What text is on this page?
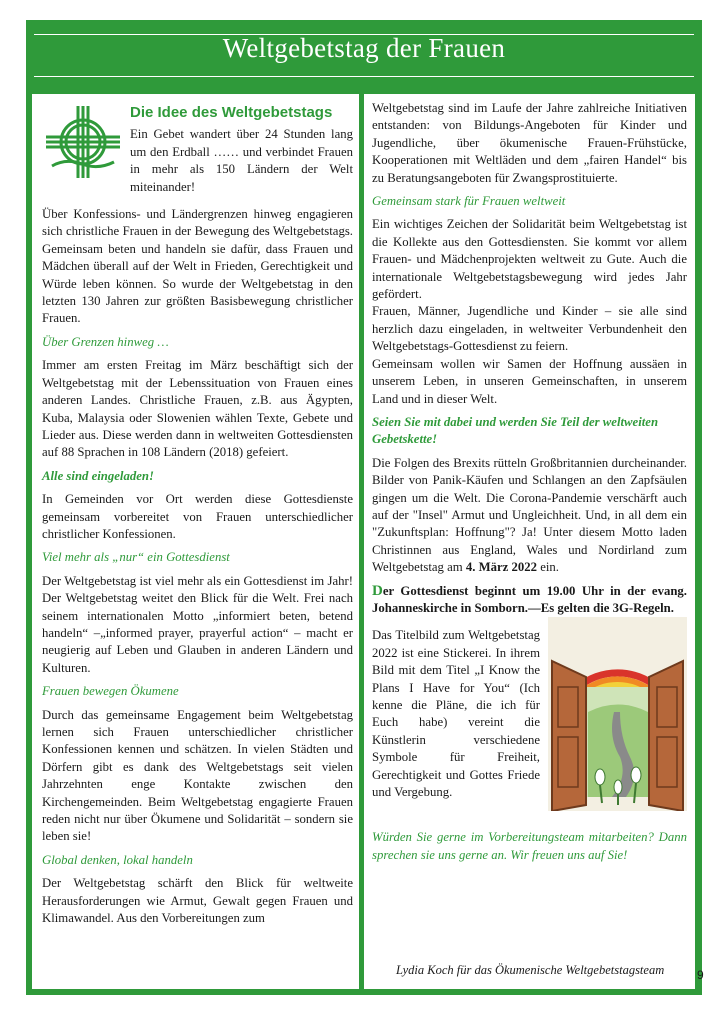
Weltgebetstag der Frauen
Die Idee des Weltgebetstags

Ein Gebet wandert über 24 Stunden lang um den Erdball …… und verbindet Frauen in mehr als 150 Ländern der Welt miteinander!

Über Konfessions- und Ländergrenzen hinweg engagieren sich christliche Frauen in der Bewegung des Weltgebetstags. Gemeinsam beten und handeln sie dafür, dass Frauen und Mädchen überall auf der Welt in Frieden, Gerechtigkeit und Würde leben können. So wurde der Weltgebetstag in den letzten 130 Jahren zur größten Basisbewegung christlicher Frauen.

Über Grenzen hinweg …

Immer am ersten Freitag im März beschäftigt sich der Weltgebetstag mit der Lebenssituation von Frauen eines anderen Landes. Christliche Frauen, z.B. aus Ägypten, Kuba, Malaysia oder Slowenien wählen Texte, Gebete und Lieder aus. Diese werden dann in weltweiten Gottesdiensten auf 88 Sprachen in 108 Ländern (2018) gefeiert.

Alle sind eingeladen!

In Gemeinden vor Ort werden diese Gottesdienste gemeinsam vorbereitet von Frauen unterschiedlicher christlicher Konfessionen.

Viel mehr als „nur“ ein Gottesdienst

Der Weltgebetstag ist viel mehr als ein Gottesdienst im Jahr! Der Weltgebetstag weitet den Blick für die Welt. Frei nach seinem internationalen Motto „informiert beten, betend handeln“ –„informed prayer, prayerful action“ – macht er neugierig auf Leben und Glauben in anderen Ländern und Kulturen.

Frauen bewegen Ökumene

Durch das gemeinsame Engagement beim Weltgebetstag lernen sich Frauen unterschiedlicher christlicher Konfessionen kennen und schätzen. In vielen Städten und Dörfern gibt es dank des Weltgebetstags seit vielen Jahrzehnten enge Kontakte zwischen den Kirchengemeinden. Beim Weltgebetstag engagierte Frauen reden nicht nur über Ökumene und Solidarität – sondern sie leben sie!

Global denken, lokal handeln

Der Weltgebetstag schärft den Blick für weltweite Herausforderungen wie Armut, Gewalt gegen Frauen und Klimawandel. Aus den Vorbereitungen zum

Weltgebetstag sind im Laufe der Jahre zahlreiche Initiativen entstanden: von Bildungs-Angeboten für Kinder und Jugendliche, über ökumenische Frauen-Frühstücke, Kooperationen mit Weltläden und dem „fairen Handel“ bis zu Beratungsangeboten für Zwangsprostituierte.

Gemeinsam stark für Frauen weltweit

Ein wichtiges Zeichen der Solidarität beim Weltgebetstag ist die Kollekte aus den Gottesdiensten. Sie kommt vor allem Frauen- und Mädchenprojekten weltweit zu Gute. Auch die internationale Weltgebetstagsbewegung wird jedes Jahr gefördert.

Frauen, Männer, Jugendliche und Kinder – sie alle sind herzlich dazu eingeladen, in weltweiter Verbundenheit den Weltgebetstags-Gottesdienst zu feiern.

Gemeinsam wollen wir Samen der Hoffnung aussäen in unserem Leben, in unseren Gemeinschaften, in unserem Land und in dieser Welt.

Seien Sie mit dabei und werden Sie Teil der weltweiten Gebetskette!

Die Folgen des Brexits rütteln Großbritannien durcheinander. Bilder von Panik-Käufen und Schlangen an den Zapfsäulen gingen um die Welt. Die Corona-Pandemie verschärft auch auf der "Insel" Armut und Ungleichheit. Und, in all dem ein "Zukunftsplan: Hoffnung"? Ja! Unter diesem Motto laden Christinnen aus England, Wales und Nordirland zum Weltgebetstag am 4. März 2022 ein.

Der Gottesdienst beginnt um 19.00 Uhr in der evang. Johanneskirche in Somborn.—Es gelten die 3G-Regeln.

Das Titelbild zum Weltgebetstag 2022 ist eine Stickerei. In ihrem Bild mit dem Titel „I Know the Plans I Have for You“ (Ich kenne die Pläne, die ich für Euch habe) vereint die Künstlerin verschiedene Symbole für Freiheit, Gerechtigkeit und Gottes Friede und Vergebung.
Würden Sie gerne im Vorbereitungsteam mitarbeiten? Dann sprechen sie uns gerne an. Wir freuen uns auf Sie!
Lydia Koch für das Ökumenische Weltgebetstagsteam	9
